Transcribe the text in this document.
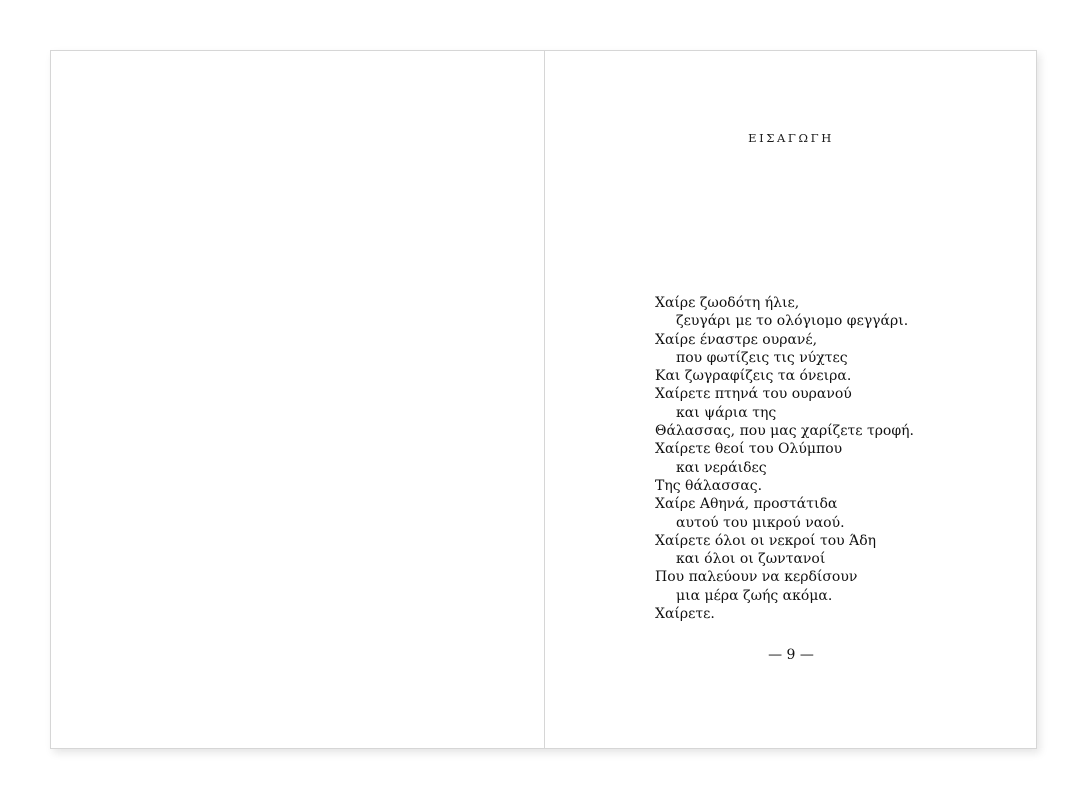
ΕΙΣΑΓΩΓΗ
Χαίρε ζωοδότη ήλιε,
ζευγάρι με το ολόγιομο φεγγάρι.
Χαίρε έναστρε ουρανέ,
που φωτίζεις τις νύχτες
Και ζωγραφίζεις τα όνειρα.
Χαίρετε πτηνά του ουρανού
και ψάρια της
Θάλασσας, που μας χαρίζετε τροφή.
Χαίρετε θεοί του Ολύμπου
και νεράιδες
Της θάλασσας.
Χαίρε Αθηνά, προστάτιδα
αυτού του μικρού ναού.
Χαίρετε όλοι οι νεκροί του Άδη
και όλοι οι ζωντανοί
Που παλεύουν να κερδίσουν
μια μέρα ζωής ακόμα.
Χαίρετε.
— 9 —
